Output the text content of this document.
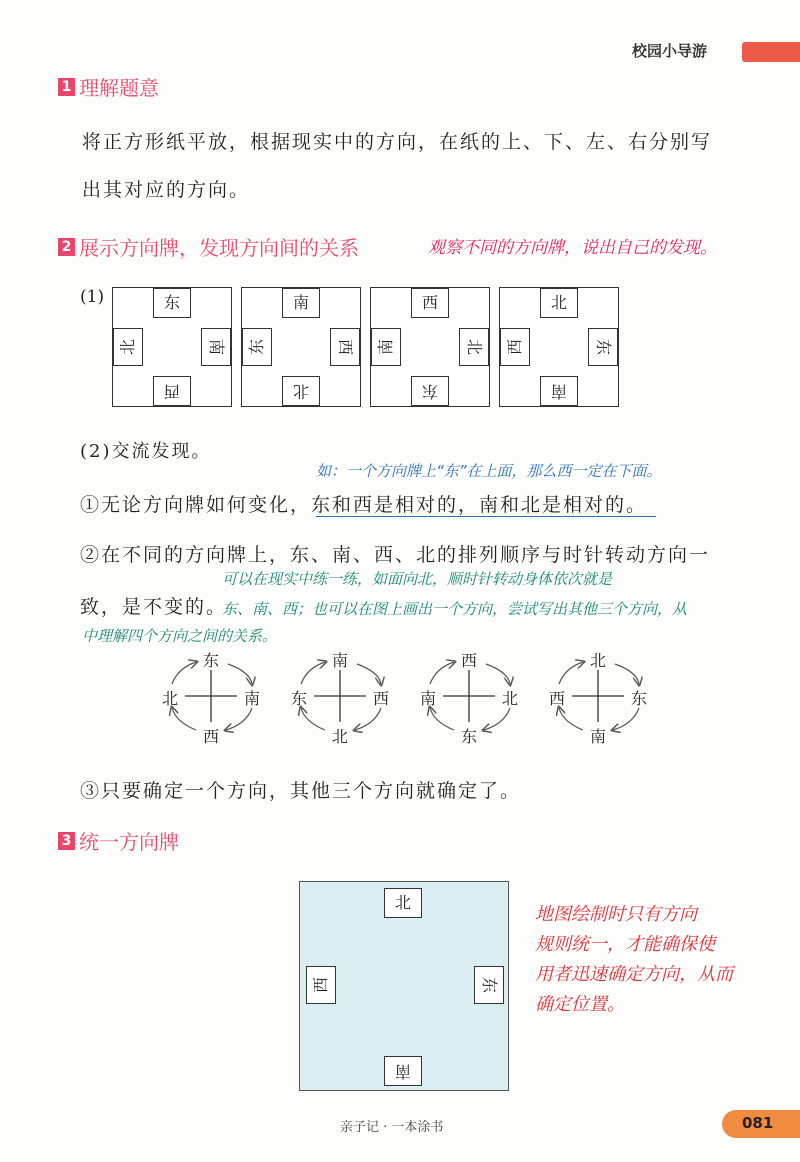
校园小导游
1 理解题意
将正方形纸平放，根据现实中的方向，在纸的上、下、左、右分别写
出其对应的方向。
2 展示方向牌，发现方向间的关系	观察不同的方向牌，说出自己的发现。
(1)	东
南
西
北
南
西
北
东
西
北
东
南
北
东
南
西
(2)交流发现。
如：一个方向牌上“东”在上面，那么西一定在下面。
①无论方向牌如何变化，东和西是相对的，南和北是相对的。
②在不同的方向牌上，东、南、西、北的排列顺序与时针转动方向一
可以在现实中练一练，如面向北，顺时针转动身体依次就是
致，是不变的。
东、南、西；也可以在图上画出一个方向，尝试写出其他三个方向，从
中理解四个方向之间的关系。
东
南
西
北
南
西
北
东
西
北
东
南
北
东
南
西
③只要确定一个方向，其他三个方向就确定了。
3 统一方向牌
北
东
南
西
地图绘制时只有方向
规则统一，才能确保使
用者迅速确定方向，从而
确定位置。
亲子记 · 一本涂书	081
